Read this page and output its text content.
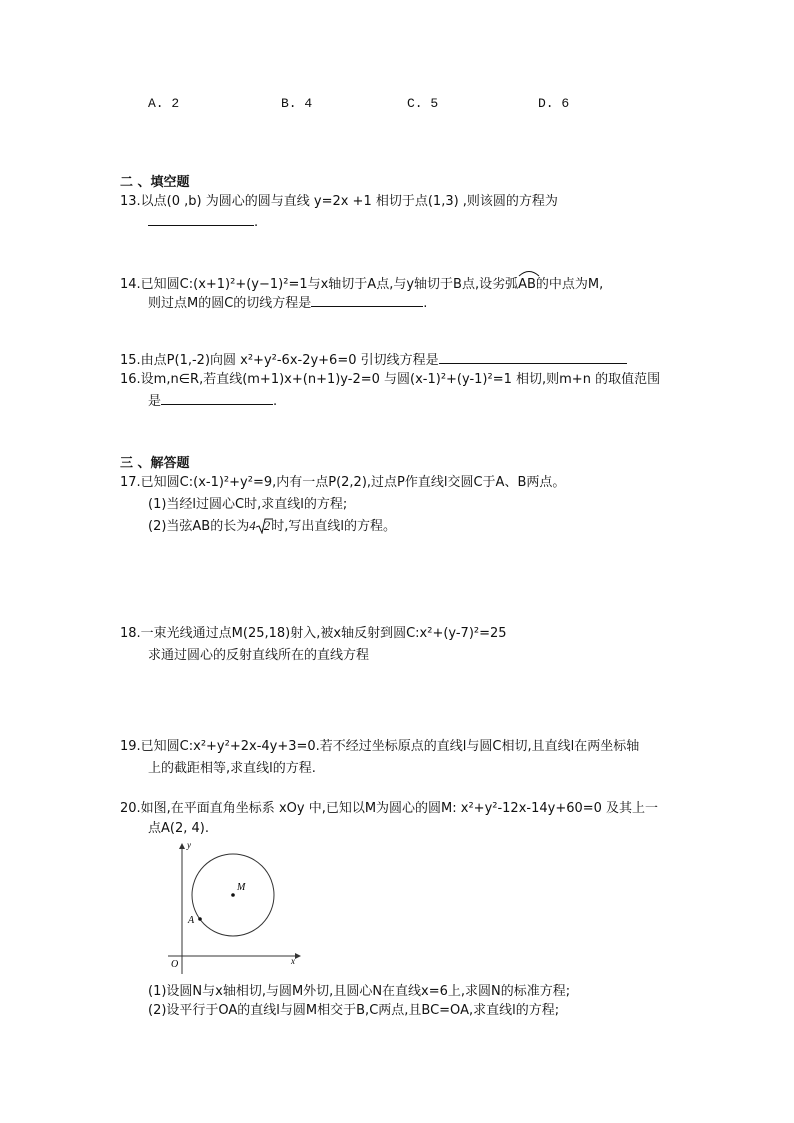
A. 2	B. 4	C. 5	D. 6
二 、填空题
13.以点(0 ,b) 为圆心的圆与直线 y=2x +1 相切于点(1,3) ,则该圆的方程为
.
14.已知圆C:(x+1)²+(y−1)²=1与x轴切于A点,与y轴切于B点,设劣弧
AB的中点为M,
则过点M的圆C的切线方程是	.
15.由点P(1,-2)向圆 x²+y²-6x-2y+6=0 引切线方程是
16.设m,n∈R,若直线(m+1)x+(n+1)y-2=0 与圆(x-1)²+(y-1)²=1 相切,则m+n 的取值范围
是	.
三 、解答题
17.已知圆C:(x-1)²+y²=9,内有一点P(2,2),过点P作直线l交圆C于A、B两点。
(1)当经l过圆心C时,求直线l的方程;
(2)当弦AB的长为4 2时,写出直线l的方程。
18.一束光线通过点M(25,18)射入,被x轴反射到圆C:x²+(y-7)²=25
求通过圆心的反射直线所在的直线方程
19.已知圆C:x²+y²+2x-4y+3=0.若不经过坐标原点的直线l与圆C相切,且直线l在两坐标轴
上的截距相等,求直线l的方程.
20.如图,在平面直角坐标系 xOy 中,已知以M为圆心的圆M: x²+y²-12x-14y+60=0 及其上一
点A(2, 4).
y
x
O
M
A
(1)设圆N与x轴相切,与圆M外切,且圆心N在直线x=6上,求圆N的标准方程;
(2)设平行于OA的直线l与圆M相交于B,C两点,且BC=OA,求直线l的方程;
